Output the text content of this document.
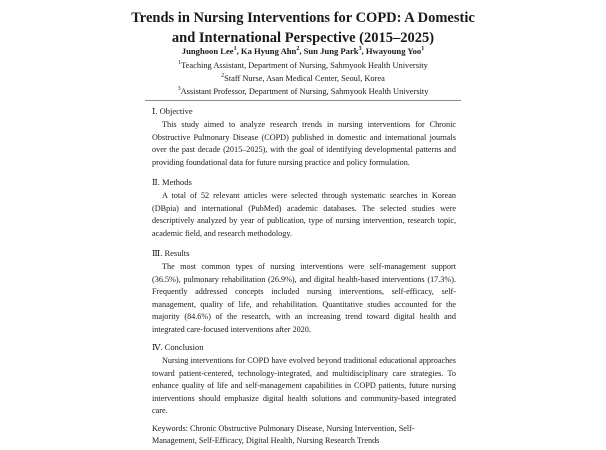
Trends in Nursing Interventions for COPD: A Domestic
and International Perspective (2015–2025)
Junghoon Lee$^1$, Ka Hyung Ahn$^2$, Sun Jung Park$^3$, Hwayoung Yoo$^1$
$^1$Teaching Assistant, Department of Nursing, Sahmyook Health University
$^2$Staff Nurse, Asan Medical Center, Seoul, Korea
$^3$Assistant Professor, Department of Nursing, Sahmyook Health University
Ⅰ. Objective

This study aimed to analyze research trends in nursing interventions for Chronic Obstructive Pulmonary Disease (COPD) published in domestic and international journals over the past decade (2015–2025), with the goal of identifying developmental patterns and providing foundational data for future nursing practice and policy formulation.

Ⅱ. Methods

A total of 52 relevant articles were selected through systematic searches in Korean (DBpia) and international (PubMed) academic databases. The selected studies were descriptively analyzed by year of publication, type of nursing intervention, research topic, academic field, and research methodology.

Ⅲ. Results

The most common types of nursing interventions were self-management support (36.5%), pulmonary rehabilitation (26.9%), and digital health-based interventions (17.3%). Frequently addressed concepts included nursing interventions, self-efficacy, self-management, quality of life, and rehabilitation. Quantitative studies accounted for the majority (84.6%) of the research, with an increasing trend toward digital health and integrated care-focused interventions after 2020.

Ⅳ. Conclusion

Nursing interventions for COPD have evolved beyond traditional educational approaches toward patient-centered, technology-integrated, and multidisciplinary care strategies. To enhance quality of life and self-management capabilities in COPD patients, future nursing interventions should emphasize digital health solutions and community-based integrated care.

Keywords: Chronic Obstructive Pulmonary Disease, Nursing Intervention, Self-Management, Self-Efficacy, Digital Health, Nursing Research Trends
